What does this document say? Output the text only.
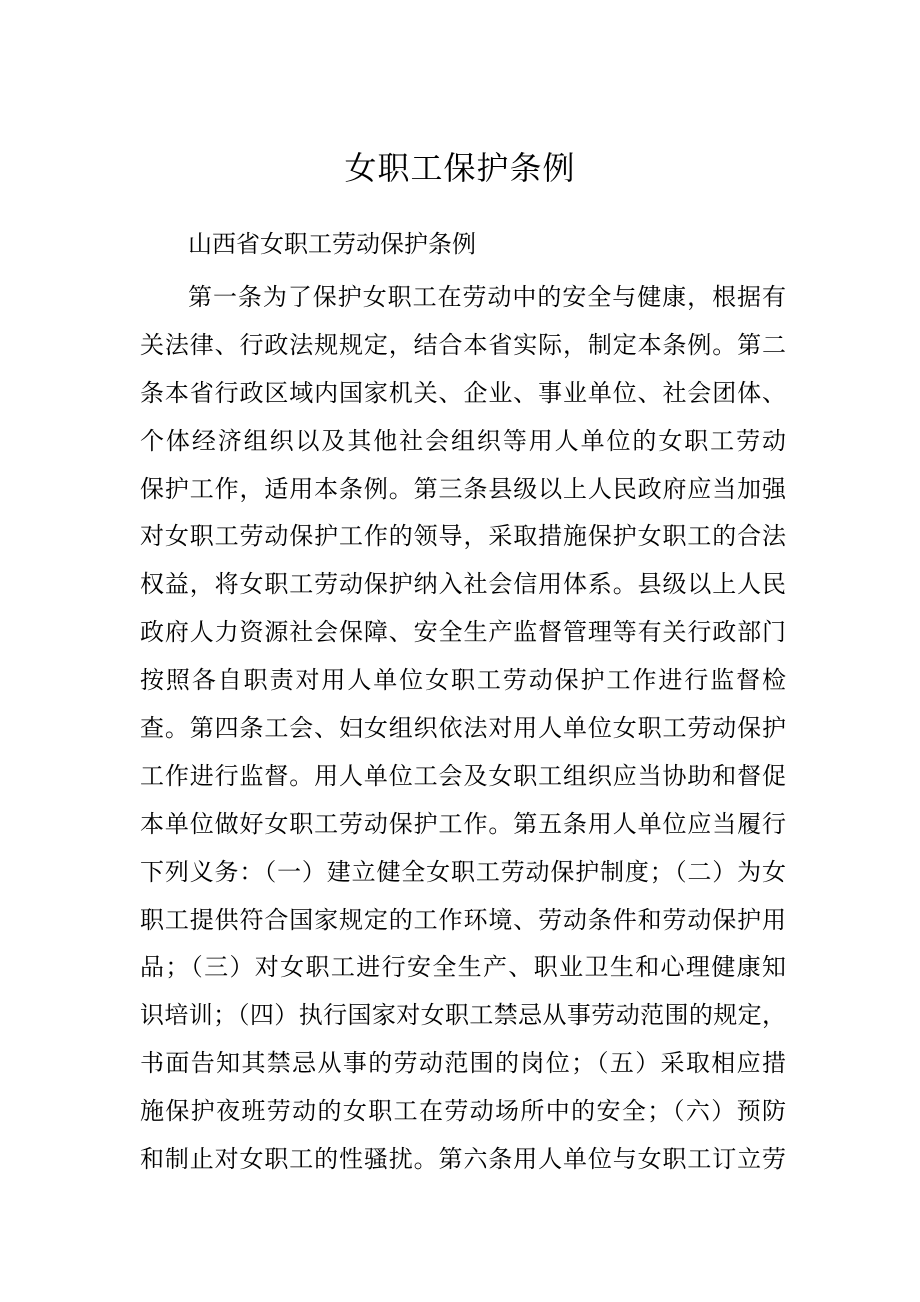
女职工保护条例
山西省女职工劳动保护条例
第一条为了保护女职工在劳动中的安全与健康，根据有
关法律、行政法规规定，结合本省实际，制定本条例。第二
条本省行政区域内国家机关、企业、事业单位、社会团体、
个体经济组织以及其他社会组织等用人单位的女职工劳动
保护工作，适用本条例。第三条县级以上人民政府应当加强
对女职工劳动保护工作的领导，采取措施保护女职工的合法
权益，将女职工劳动保护纳入社会信用体系。县级以上人民
政府人力资源社会保障、安全生产监督管理等有关行政部门
按照各自职责对用人单位女职工劳动保护工作进行监督检
查。第四条工会、妇女组织依法对用人单位女职工劳动保护
工作进行监督。用人单位工会及女职工组织应当协助和督促
本单位做好女职工劳动保护工作。第五条用人单位应当履行
下列义务：（一）建立健全女职工劳动保护制度；（二）为女
职工提供符合国家规定的工作环境、劳动条件和劳动保护用
品；（三）对女职工进行安全生产、职业卫生和心理健康知
识培训；（四）执行国家对女职工禁忌从事劳动范围的规定，
书面告知其禁忌从事的劳动范围的岗位；（五）采取相应措
施保护夜班劳动的女职工在劳动场所中的安全；（六）预防
和制止对女职工的性骚扰。第六条用人单位与女职工订立劳
